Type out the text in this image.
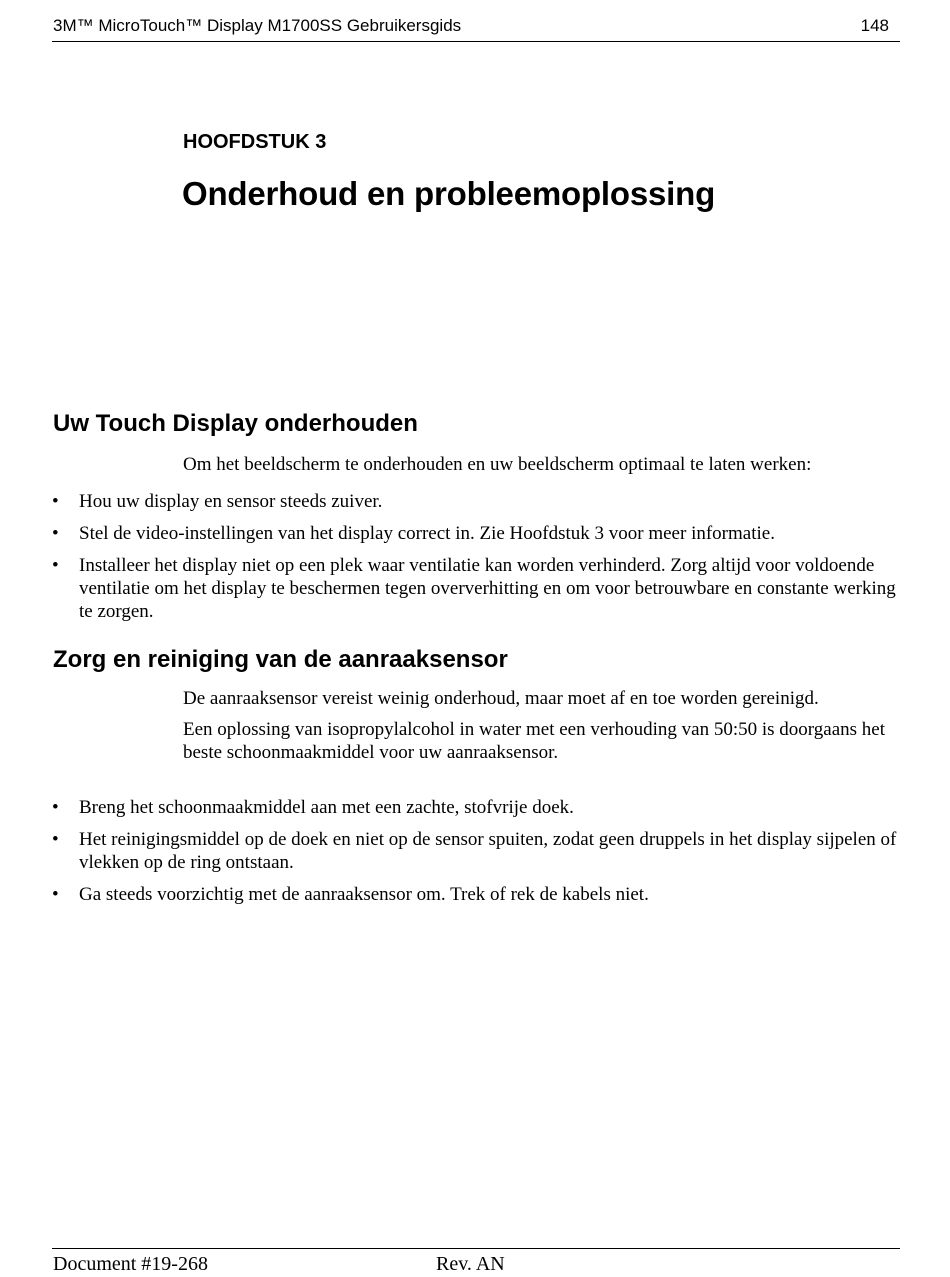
3M™ MicroTouch™ Display M1700SS Gebruikersgids	148
HOOFDSTUK 3
Onderhoud en probleemoplossing
Uw Touch Display onderhouden

Om het beeldscherm te onderhouden en uw beeldscherm optimaal te laten werken:

• Hou uw display en sensor steeds zuiver.
• Stel de video-instellingen van het display correct in. Zie Hoofdstuk 3 voor meer informatie.
• Installeer het display niet op een plek waar ventilatie kan worden verhinderd. Zorg altijd voor voldoende ventilatie om het display te beschermen tegen oververhitting en om voor betrouwbare en constante werking te zorgen.
Zorg en reiniging van de aanraaksensor

De aanraaksensor vereist weinig onderhoud, maar moet af en toe worden gereinigd.

Een oplossing van isopropylalcohol in water met een verhouding van 50:50 is doorgaans het beste schoonmaakmiddel voor uw aanraaksensor.

• Breng het schoonmaakmiddel aan met een zachte, stofvrije doek.
• Het reinigingsmiddel op de doek en niet op de sensor spuiten, zodat geen druppels in het display sijpelen of vlekken op de ring ontstaan.
• Ga steeds voorzichtig met de aanraaksensor om. Trek of rek de kabels niet.
Document #19-268	Rev. AN
